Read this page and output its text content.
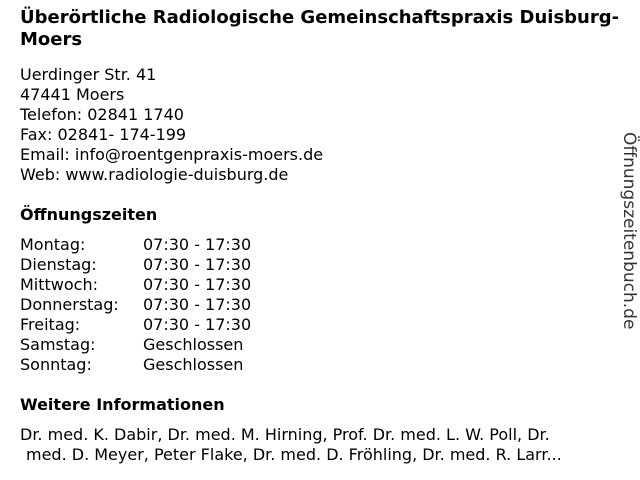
Überörtliche Radiologische Gemeinschaftspraxis Duisburg-Moers
Uerdinger Str. 41
47441 Moers
Telefon: 02841 1740
Fax: 02841- 174-199
Email: info@roentgenpraxis-moers.de
Web: www.radiologie-duisburg.de
Öffnungszeiten
Montag:	07:30 - 17:30
Dienstag:	07:30 - 17:30
Mittwoch:	07:30 - 17:30
Donnerstag:	07:30 - 17:30
Freitag:	07:30 - 17:30
Samstag:	Geschlossen
Sonntag:	Geschlossen
Weitere Informationen
Dr. med. K. Dabir, Dr. med. M. Hirning, Prof. Dr. med. L. W. Poll, Dr.
med. D. Meyer, Peter Flake, Dr. med. D. Fröhling, Dr. med. R. Larr...
Öffnungszeitenbuch.de
